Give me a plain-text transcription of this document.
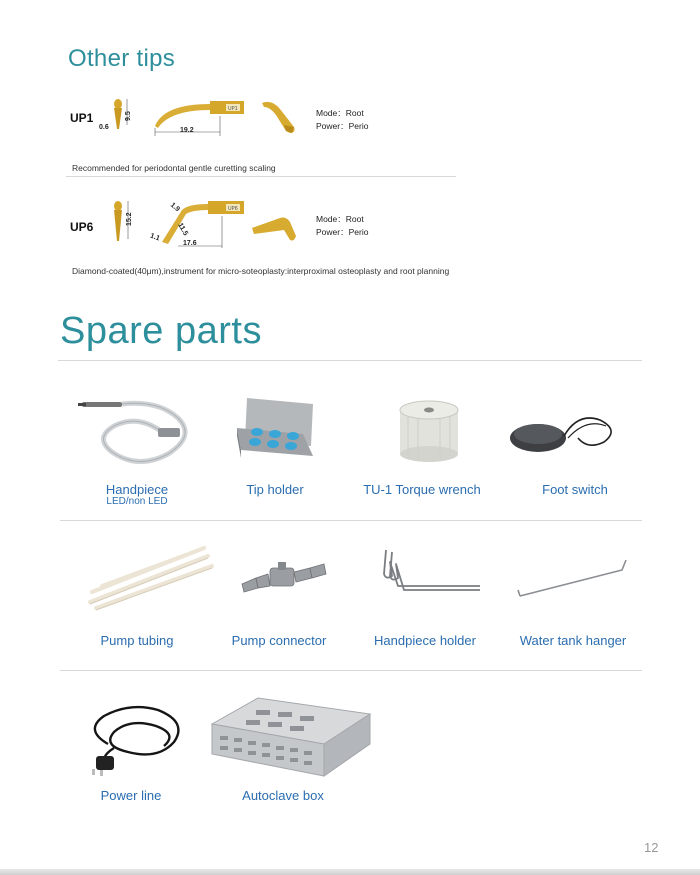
Other tips
UP1	9.5
0.6
UP1
19.2
Mode：Root
Power：Perio
Recommended for periodontal gentle curetting scaling
UP6
15.2
UP6
1.9
1.1
11.5
17.6
Mode：Root
Power：Perio
Diamond-coated(40μm),instrument for micro-soteoplasty:interproximal osteoplasty and root planning
Spare parts
Handpiece
LED/non LED
Tip holder	TU-1 Torque wrench	Foot switch
Pump tubing	Pump connector	Handpiece holder	Water tank hanger
Power line	Autoclave box
12
